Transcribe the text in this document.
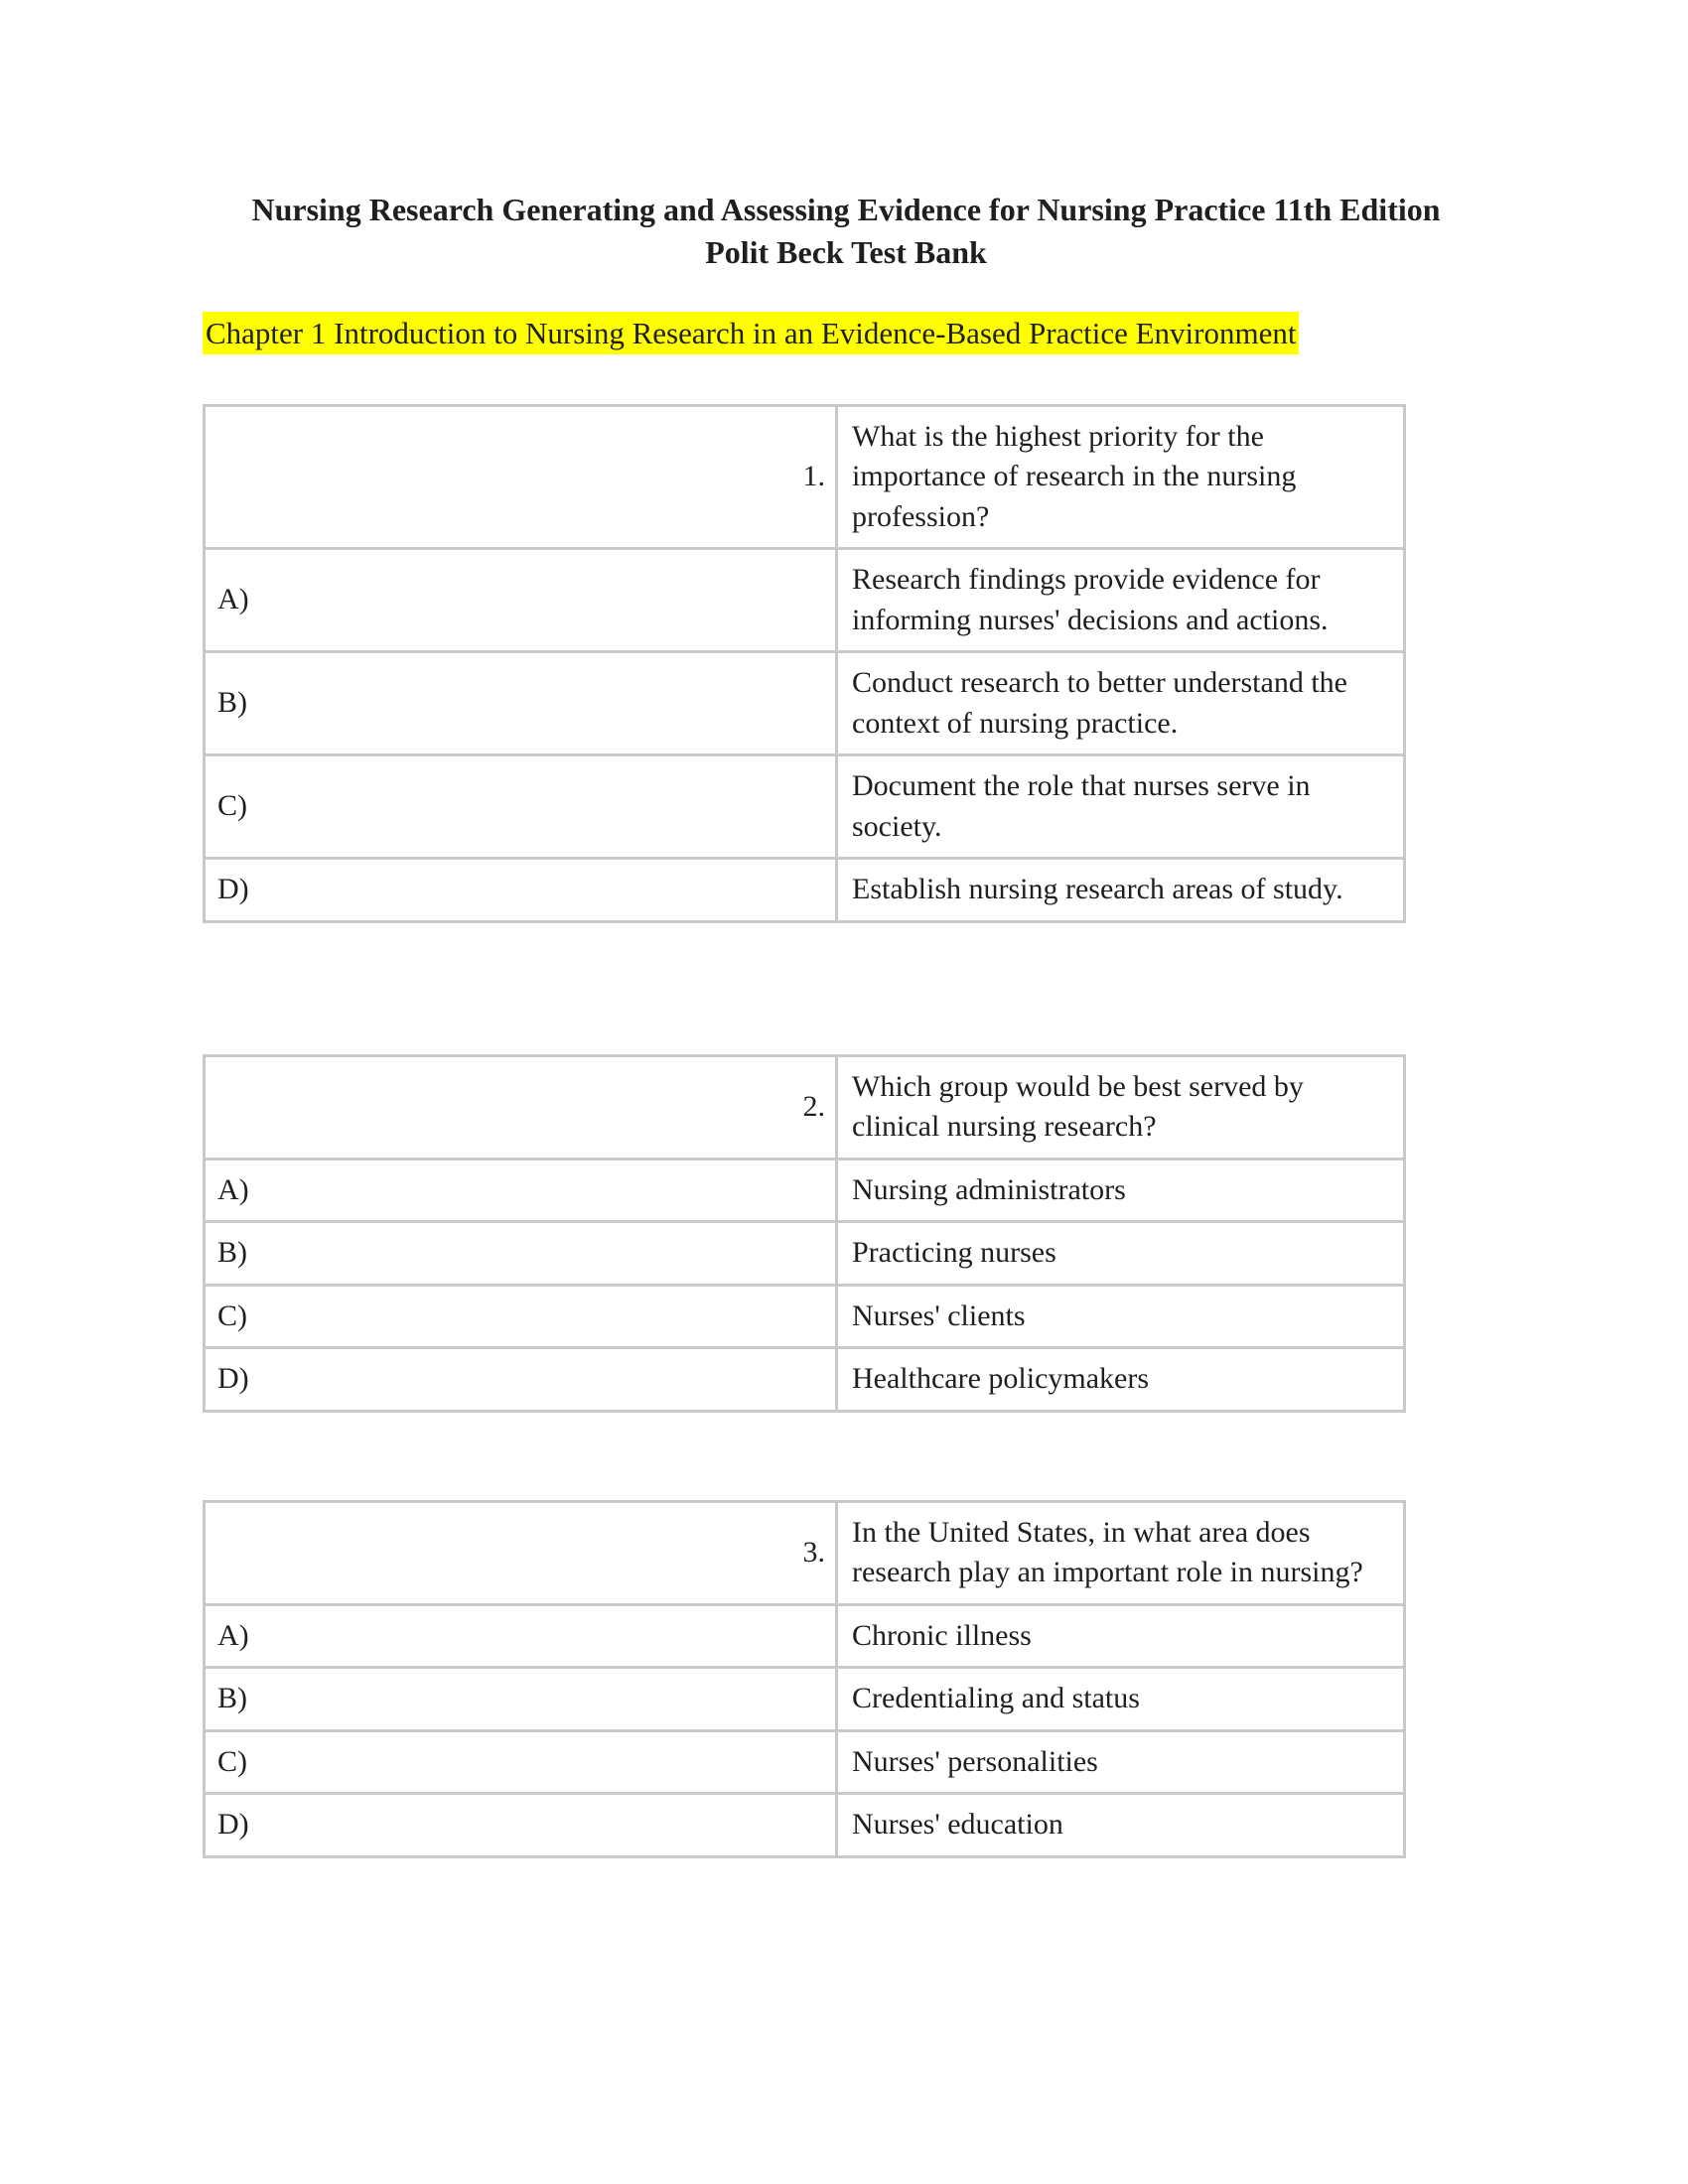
Nursing Research Generating and Assessing Evidence for Nursing Practice 11th Edition
Polit Beck Test Bank

Chapter 1 Introduction to Nursing Research in an Evidence-Based Practice Environment

1.	What is the highest priority for the importance of research in the nursing profession?
A)	Research findings provide evidence for informing nurses' decisions and actions.
B)	Conduct research to better understand the context of nursing practice.
C)	Document the role that nurses serve in society.
D)	Establish nursing research areas of study.
2.	Which group would be best served by clinical nursing research?
A)	Nursing administrators
B)	Practicing nurses
C)	Nurses' clients
D)	Healthcare policymakers
3.	In the United States, in what area does research play an important role in nursing?
A)	Chronic illness
B)	Credentialing and status
C)	Nurses' personalities
D)	Nurses' education
